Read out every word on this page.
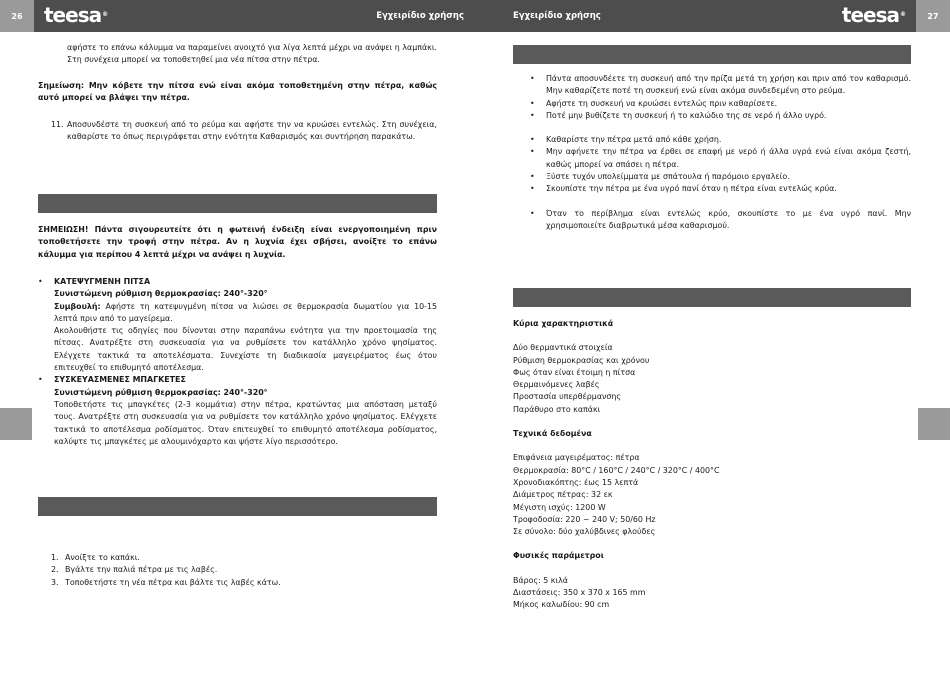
26	teesa®	Εγχειρίδιο χρήσης	Εγχειρίδιο χρήσης	teesa®	27
αφήστε το επάνω κάλυμμα να παραμείνει ανοιχτό για λίγα λεπτά μέχρι να ανάψει η λαμπάκι. Στη συνέχεια μπορεί να τοποθετηθεί μια νέα πίτσα στην πέτρα.
Σημείωση: Μην κόβετε την πίτσα ενώ είναι ακόμα τοποθετημένη στην πέτρα, καθώς αυτό μπορεί να βλάψει την πέτρα.
11. Αποσυνδέστε τη συσκευή από το ρεύμα και αφήστε την να κρυώσει εντελώς. Στη συνέχεια, καθαρίστε το όπως περιγράφεται στην ενότητα Καθαρισμός και συντήρηση παρακάτω.
ΣΗΜΕΙΩΣΗ! Πάντα σιγουρευτείτε ότι η φωτεινή ένδειξη είναι ενεργοποιημένη πριν τοποθετήσετε την τροφή στην πέτρα. Αν η λυχνία έχει σβήσει, ανοίξτε το επάνω κάλυμμα για περίπου 4 λεπτά μέχρι να ανάψει η λυχνία.
• ΚΑΤΕΨΥΓΜΕΝΗ ΠΙΤΣΑ
Συνιστώμενη ρύθμιση θερμοκρασίας: 240°-320°
Συμβουλή: Αφήστε τη κατεψυγμένη πίτσα να λιώσει σε θερμοκρασία δωματίου για 10-15 λεπτά πριν από το μαγείρεμα.
Ακολουθήστε τις οδηγίες που δίνονται στην παραπάνω ενότητα για την προετοιμασία της πίτσας. Ανατρέξτε στη συσκευασία για να ρυθμίσετε τον κατάλληλο χρόνο ψησίματος. Ελέγχετε τακτικά τα αποτελέσματα. Συνεχίστε τη διαδικασία μαγειρέματος έως ότου επιτευχθεί το επιθυμητό αποτέλεσμα.
• ΣΥΣΚΕΥΑΣΜΕΝΕΣ ΜΠΑΓΚΕΤΕΣ
Συνιστώμενη ρύθμιση θερμοκρασίας: 240°-320°
Τοποθετήστε τις μπαγκέτες (2-3 κομμάτια) στην πέτρα, κρατώντας μια απόσταση μεταξύ τους. Ανατρέξτε στη συσκευασία για να ρυθμίσετε τον κατάλληλο χρόνο ψησίματος. Ελέγχετε τακτικά το αποτέλεσμα ροδίσματος. Όταν επιτευχθεί το επιθυμητό αποτέλεσμα ροδίσματος, καλύψτε τις μπαγκέτες με αλουμινόχαρτο και ψήστε λίγο περισσότερο.
1. Ανοίξτε το καπάκι.
2. Βγάλτε την παλιά πέτρα με τις λαβές.
3. Τοποθετήστε τη νέα πέτρα και βάλτε τις λαβές κάτω.
• Πάντα αποσυνδέετε τη συσκευή από την πρίζα μετά τη χρήση και πριν από τον καθαρισμό. Μην καθαρίζετε ποτέ τη συσκευή ενώ είναι ακόμα συνδεδεμένη στο ρεύμα.
• Αφήστε τη συσκευή να κρυώσει εντελώς πριν καθαρίσετε.
• Ποτέ μην βυθίζετε τη συσκευή ή το καλώδιο της σε νερό ή άλλο υγρό.
• Καθαρίστε την πέτρα μετά από κάθε χρήση.
• Μην αφήνετε την πέτρα να έρθει σε επαφή με νερό ή άλλα υγρά ενώ είναι ακόμα ζεστή, καθώς μπορεί να σπάσει η πέτρα.
• Ξύστε τυχόν υπολείμματα με σπάτουλα ή παρόμοιο εργαλείο.
• Σκουπίστε την πέτρα με ένα υγρό πανί όταν η πέτρα είναι εντελώς κρύα.
• Όταν το περίβλημα είναι εντελώς κρύο, σκουπίστε το με ένα υγρό πανί. Μην χρησιμοποιείτε διαβρωτικά μέσα καθαρισμού.
Κύρια χαρακτηριστικά
Δύο θερμαντικά στοιχεία
Ρύθμιση θερμοκρασίας και χρόνου
Φως όταν είναι έτοιμη η πίτσα
Θερμαινόμενες λαβές
Προστασία υπερθέρμανσης
Παράθυρο στο καπάκι
Τεχνικά δεδομένα
Επιφάνεια μαγειρέματος: πέτρα
Θερμοκρασία: 80°C / 160°C / 240°C / 320°C / 400°C
Χρονοδιακόπτης: έως 15 λεπτά
Διάμετρος πέτρας: 32 εκ
Μέγιστη ισχύς: 1200 W
Τροφοδοσία: 220 ~ 240 V; 50/60 Hz
Σε σύνολο: δύο χαλύβδινες φλούδες
Φυσικές παράμετροι
Βάρος: 5 κιλά
Διαστάσεις: 350 x 370 x 165 mm
Μήκος καλωδίου: 90 cm
